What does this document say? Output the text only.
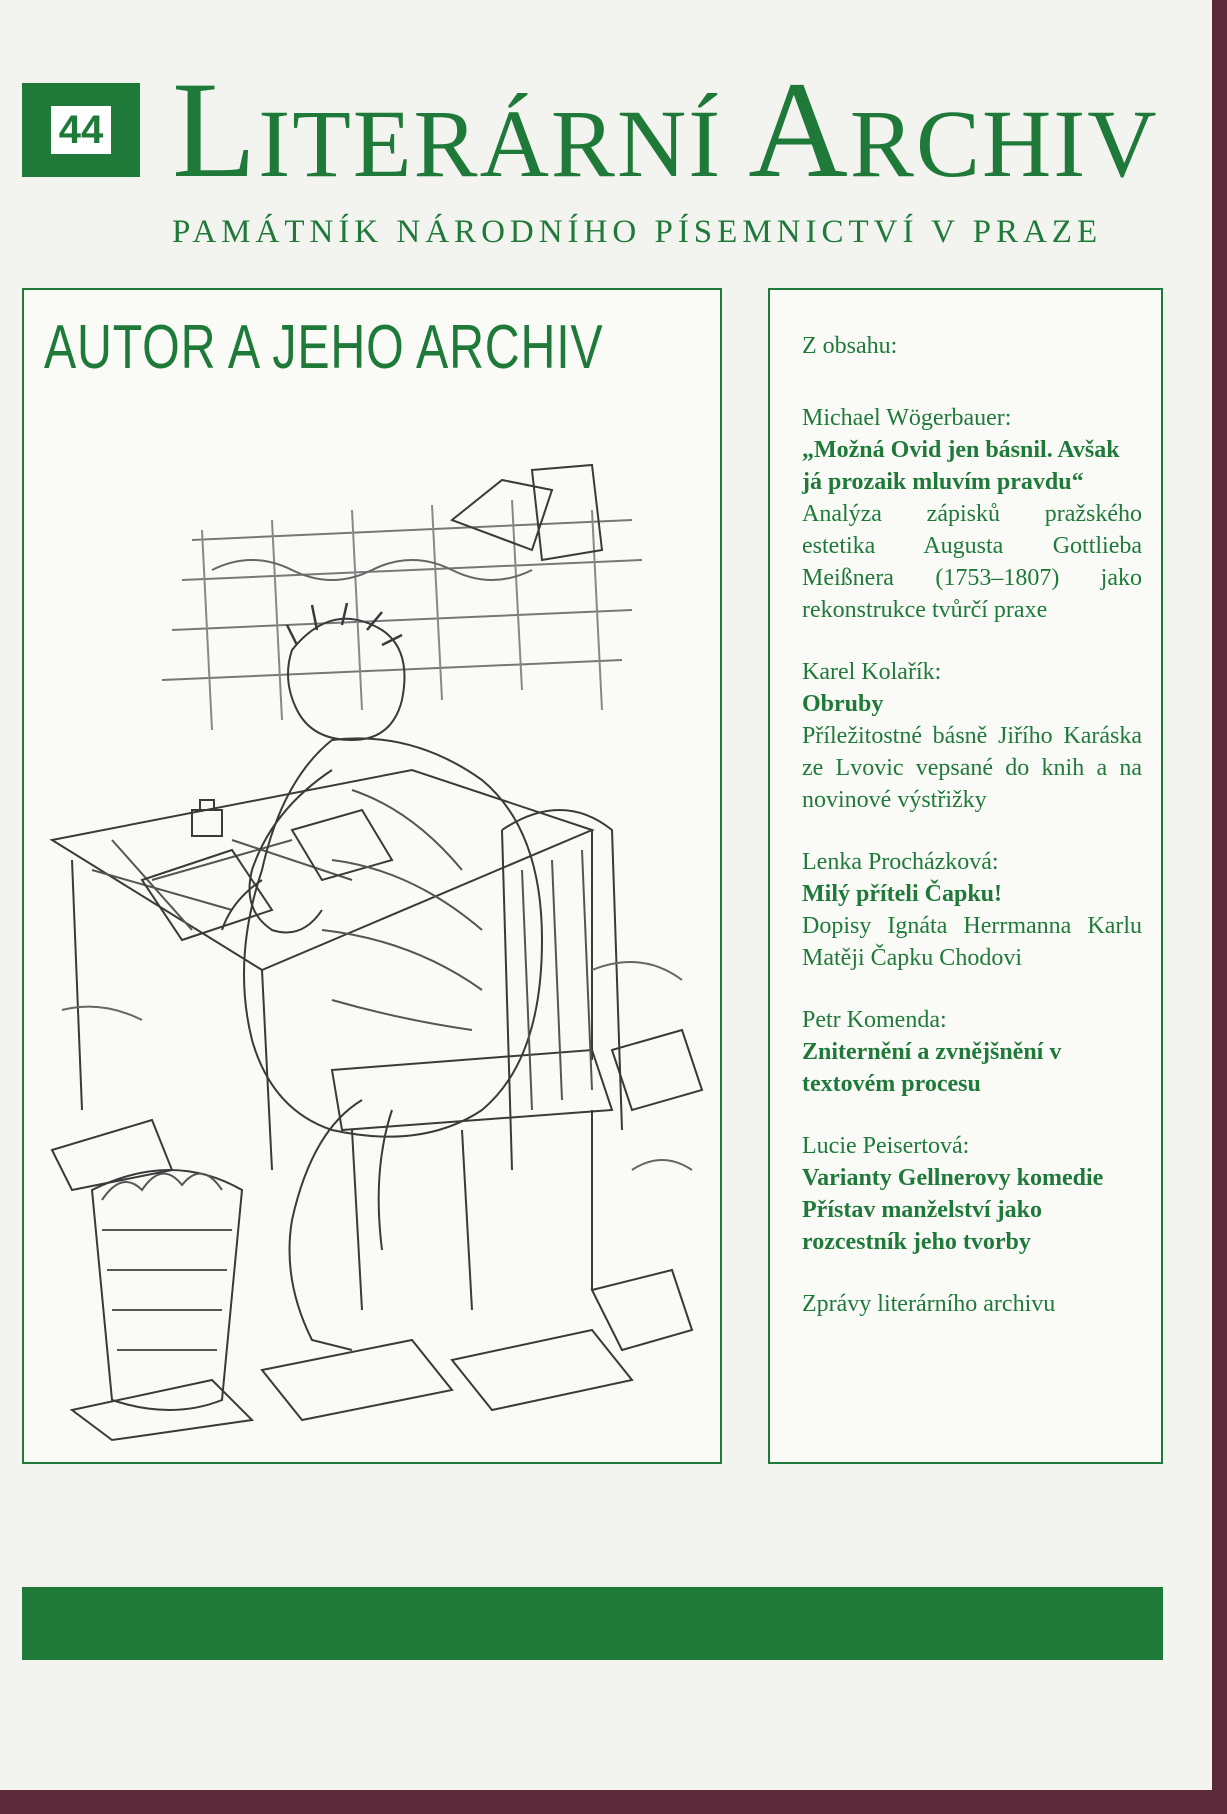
44 LITERÁRNÍ ARCHIV
PAMÁTNÍK NÁRODNÍHO PÍSEMNICTVÍ V PRAZE
AUTOR A JEHO ARCHIV	Z obsahu:
Michael Wögerbauer:
„Možná Ovid jen básnil. Avšak já prozaik mluvím pravdu“
Analýza zápisků pražského estetika Augusta Gottlieba Meißnera (1753–1807) jako rekonstrukce tvůrčí praxe
Karel Kolařík:
Obruby
Příležitostné básně Jiřího Karáska ze Lvovic vepsané do knih a na novinové výstřižky
Lenka Procházková:
Milý příteli Čapku!
Dopisy Ignáta Herrmanna Karlu Matěji Čapku Chodovi
Petr Komenda:
Zniternění a zvnějšnění v textovém procesu
Lucie Peisertová:
Varianty Gellnerovy komedie Přístav manželství jako rozcestník jeho tvorby
Zprávy literárního archivu
